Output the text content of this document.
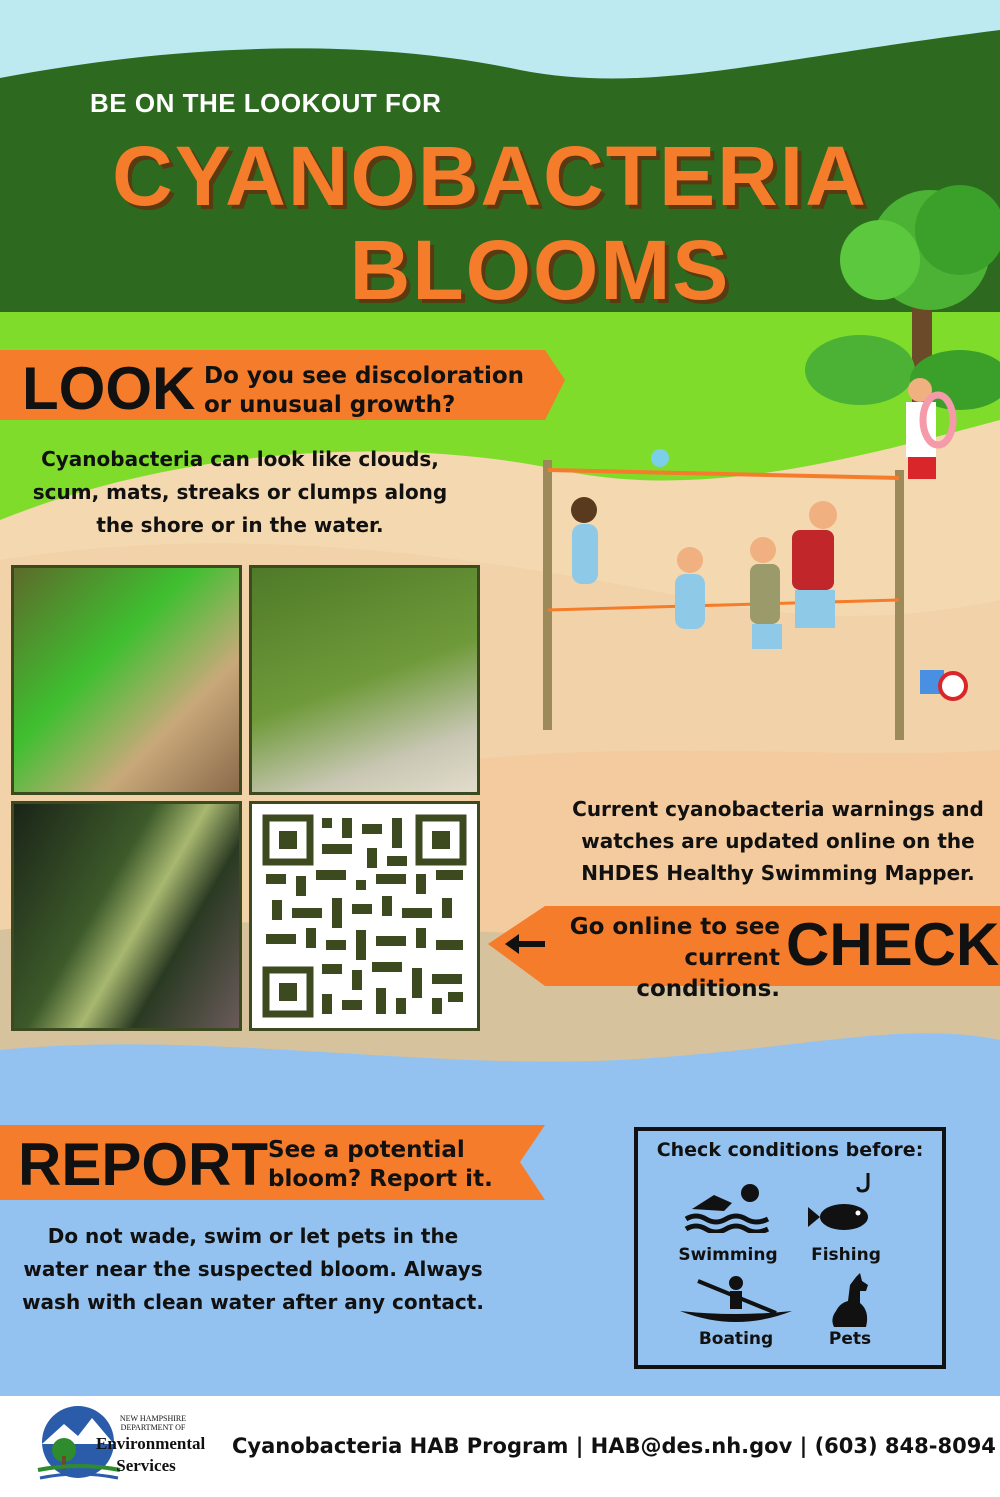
BE ON THE LOOKOUT FOR
CYANOBACTERIA
BLOOMS
LOOK Do you see discoloration
or unusual growth?
Cyanobacteria can look like clouds,
scum, mats, streaks or clumps along
the shore or in the water.
Current cyanobacteria warnings and
watches are updated online on the
NHDES Healthy Swimming Mapper.
Go online to see
current conditions.
CHECK
REPORT See a potential
bloom? Report it.
Do not wade, swim or let pets in the
water near the suspected bloom. Always
wash with clean water after any contact.
Check conditions before:
Swimming	Fishing
Boating	Pets
NEW HAMPSHIRE
DEPARTMENT OF
Environmental
Services
Cyanobacteria HAB Program | HAB@des.nh.gov | (603) 848-8094
